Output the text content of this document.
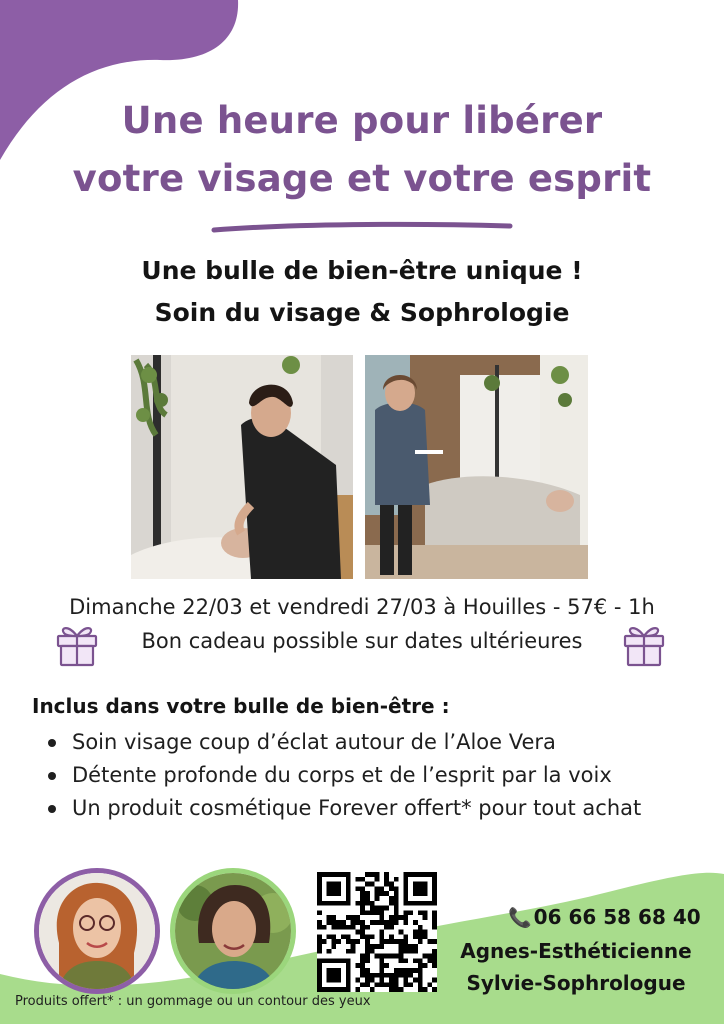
Une heure pour libérer
votre visage et votre esprit
Une bulle de bien-être unique !
Soin du visage & Sophrologie
Dimanche 22/03 et vendredi 27/03 à Houilles - 57€ - 1h
Bon cadeau possible sur dates ultérieures
Inclus dans votre bulle de bien-être :
Soin visage coup d’éclat autour de l’Aloe Vera
Détente profonde du corps et de l’esprit par la voix
Un produit cosmétique Forever offert* pour tout achat
📞 06 66 58 68 40
Agnes-Esthéticienne
Sylvie-Sophrologue
Produits offert* : un gommage ou un contour des yeux
